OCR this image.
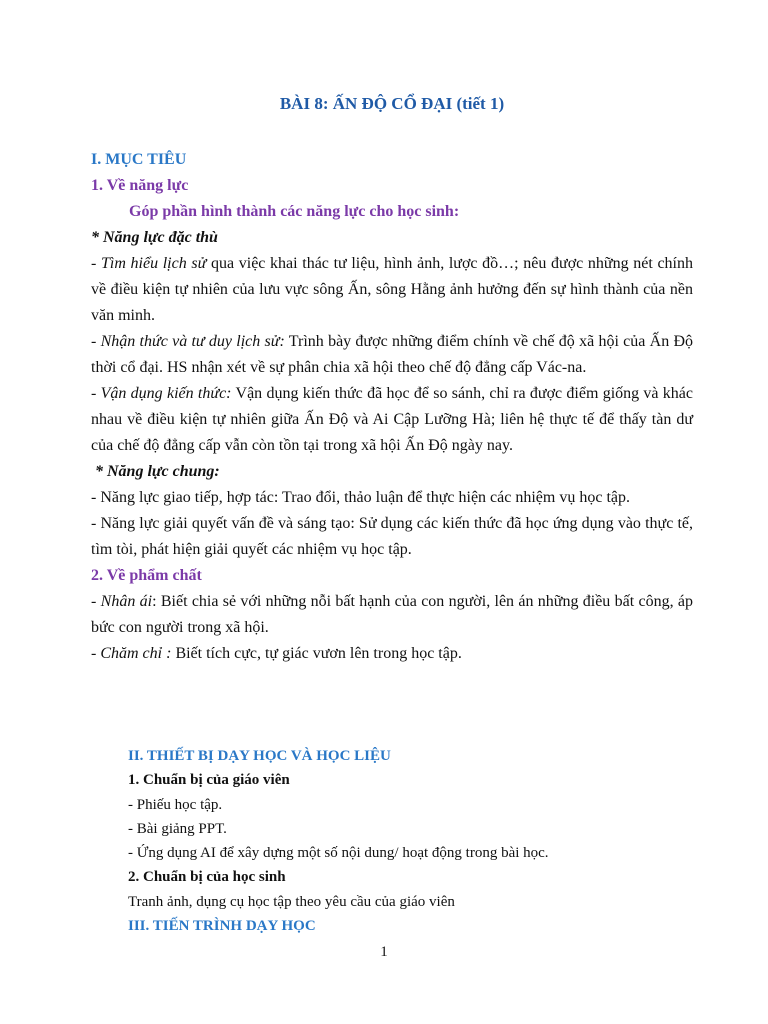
BÀI 8: ẤN ĐỘ CỔ ĐẠI (tiết 1)

I. MỤC TIÊU

1. Về năng lực

Góp phần hình thành các năng lực cho học sinh:

* Năng lực đặc thù

- Tìm hiểu lịch sử qua việc khai thác tư liệu, hình ảnh, lược đồ…; nêu được những nét chính về điều kiện tự nhiên của lưu vực sông Ấn, sông Hằng ảnh hưởng đến sự hình thành của nền văn minh.

- Nhận thức và tư duy lịch sử: Trình bày được những điểm chính về chế độ xã hội của Ấn Độ thời cổ đại. HS nhận xét về sự phân chia xã hội theo chế độ đẳng cấp Vác-na.

- Vận dụng kiến thức: Vận dụng kiến thức đã học để so sánh, chỉ ra được điểm giống và khác nhau về điều kiện tự nhiên giữa Ấn Độ và Ai Cập Lưỡng Hà; liên hệ thực tế để thấy tàn dư của chế độ đẳng cấp vẫn còn tồn tại trong xã hội Ấn Độ ngày nay.

* Năng lực chung:

- Năng lực giao tiếp, hợp tác: Trao đổi, thảo luận để thực hiện các nhiệm vụ học tập.

- Năng lực giải quyết vấn đề và sáng tạo: Sử dụng các kiến thức đã học ứng dụng vào thực tế, tìm tòi, phát hiện giải quyết các nhiệm vụ học tập.

2. Về phẩm chất

- Nhân ái: Biết chia sẻ với những nỗi bất hạnh của con người, lên án những điều bất công, áp bức con người trong xã hội.

- Chăm chỉ : Biết tích cực, tự giác vươn lên trong học tập.

II. THIẾT BỊ DẠY HỌC VÀ HỌC LIỆU

1. Chuẩn bị của giáo viên

- Phiếu học tập.

- Bài giảng PPT.

- Ứng dụng AI để xây dựng một số nội dung/ hoạt động trong bài học.

2. Chuẩn bị của học sinh

Tranh ảnh, dụng cụ học tập theo yêu cầu của giáo viên

III. TIẾN TRÌNH DẠY HỌC

1
